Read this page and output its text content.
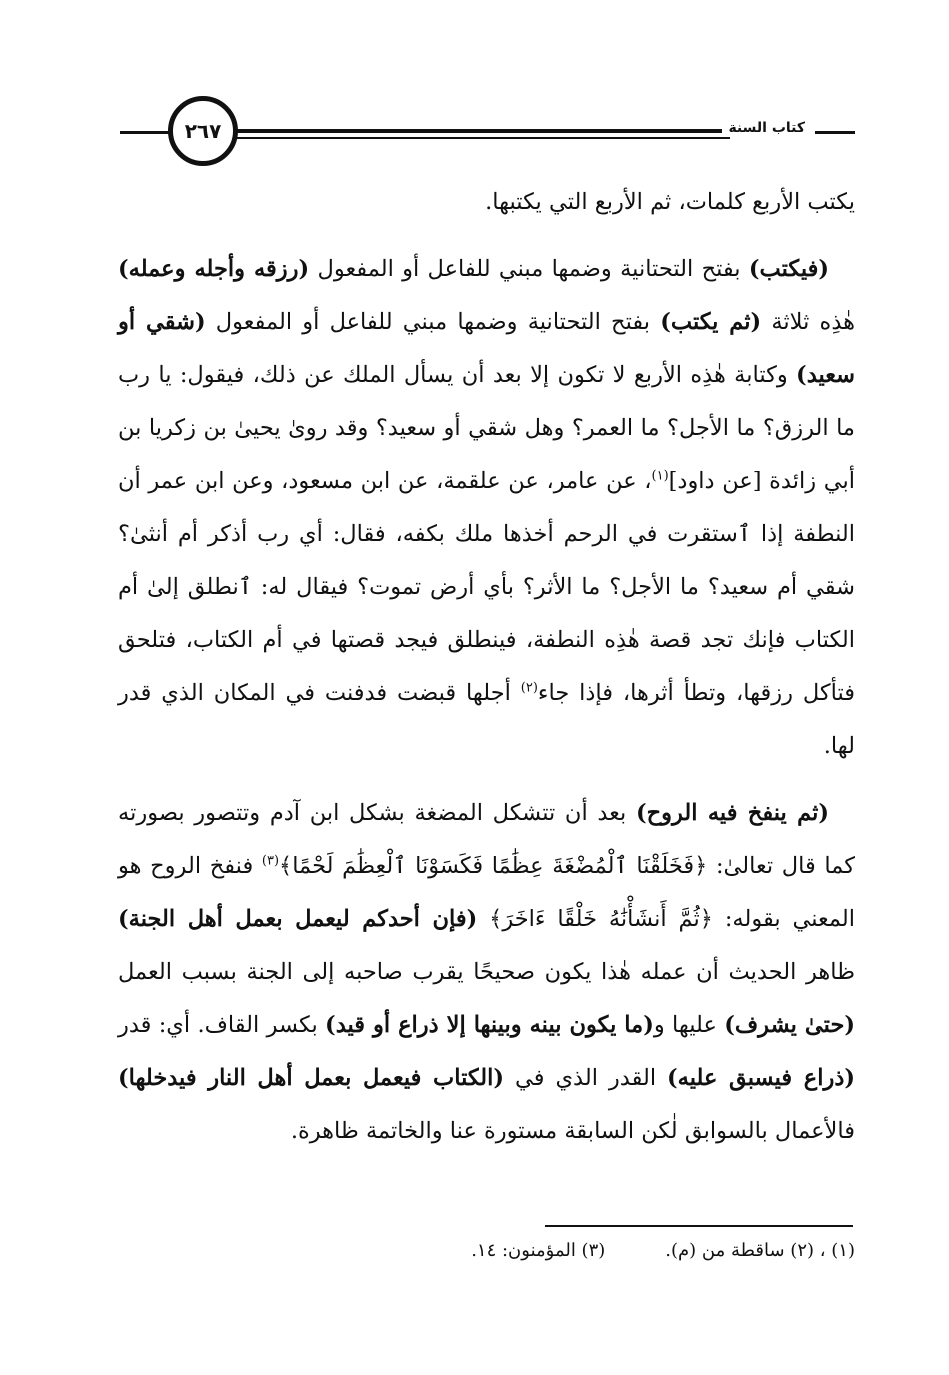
٢٦٧	كتاب السنة

يكتب الأربع كلمات، ثم الأربع التي يكتبها.

(فيكتب) بفتح التحتانية وضمها مبني للفاعل أو المفعول (رزقه وأجله وعمله) هٰذِه ثلاثة (ثم يكتب) بفتح التحتانية وضمها مبني للفاعل أو المفعول (شقي أو سعيد) وكتابة هٰذِه الأربع لا تكون إلا بعد أن يسأل الملك عن ذلك، فيقول: يا رب ما الرزق؟ ما الأجل؟ ما العمر؟ وهل شقي أو سعيد؟ وقد روىٰ يحيىٰ بن زكريا بن أبي زائدة [عن داود]$^{(١)}$، عن عامر، عن علقمة، عن ابن مسعود، وعن ابن عمر أن النطفة إذا ٱستقرت في الرحم أخذها ملك بكفه، فقال: أي رب أذكر أم أنثىٰ؟ شقي أم سعيد؟ ما الأجل؟ ما الأثر؟ بأي أرض تموت؟ فيقال له: ٱنطلق إلىٰ أم الكتاب فإنك تجد قصة هٰذِه النطفة، فينطلق فيجد قصتها في أم الكتاب، فتلحق فتأكل رزقها، وتطأ أثرها، فإذا جاء$^{(٢)}$ أجلها قبضت فدفنت في المكان الذي قدر لها.

(ثم ينفخ فيه الروح) بعد أن تتشكل المضغة بشكل ابن آدم وتتصور بصورته كما قال تعالىٰ: ﴿فَخَلَقْنَا ٱلْمُضْغَةَ عِظَٰمًا فَكَسَوْنَا ٱلْعِظَٰمَ لَحْمًا﴾$^{(٣)}$ فنفخ الروح هو المعني بقوله: ﴿ثُمَّ أَنشَأْنَٰهُ خَلْقًا ءَاخَرَ﴾ (فإن أحدكم ليعمل بعمل أهل الجنة) ظاهر الحديث أن عمله هٰذا يكون صحيحًا يقرب صاحبه إلى الجنة بسبب العمل (حتىٰ يشرف) عليها و(ما يكون بينه وبينها إلا ذراع أو قيد) بكسر القاف. أي: قدر (ذراع فيسبق عليه) القدر الذي في (الكتاب فيعمل بعمل أهل النار فيدخلها) فالأعمال بالسوابق لٰكن السابقة مستورة عنا والخاتمة ظاهرة.

(١) ، (٢) ساقطة من (م).
(٣) المؤمنون: ١٤.
